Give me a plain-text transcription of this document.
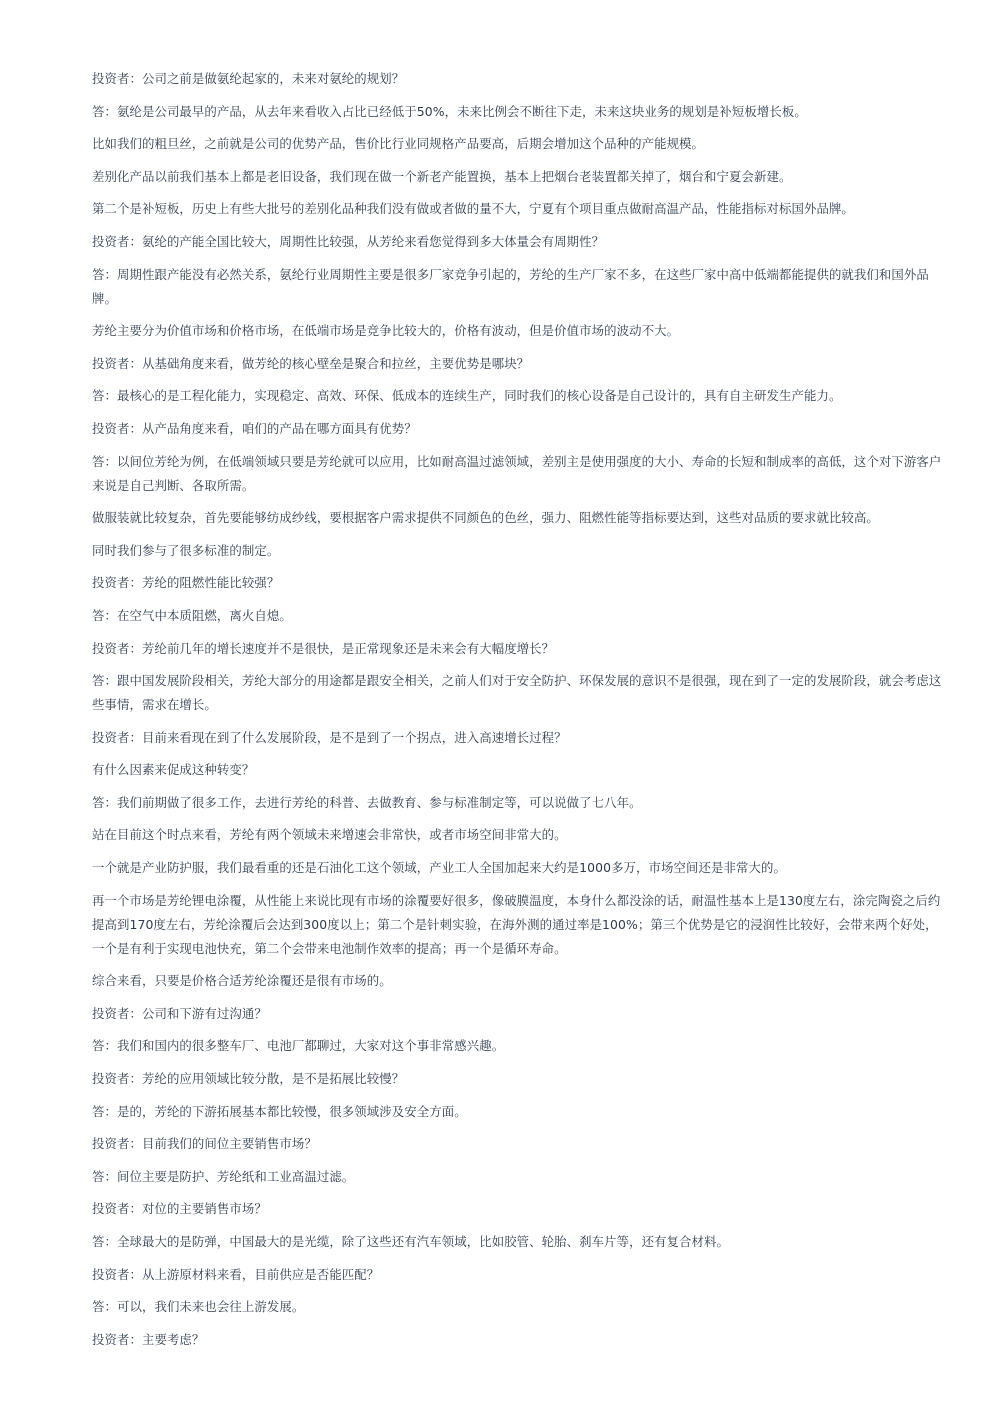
投资者：公司之前是做氨纶起家的，未来对氨纶的规划？

答：氨纶是公司最早的产品，从去年来看收入占比已经低于50%，未来比例会不断往下走，未来这块业务的规划是补短板增长板。

比如我们的粗旦丝，之前就是公司的优势产品，售价比行业同规格产品要高，后期会增加这个品种的产能规模。

差别化产品以前我们基本上都是老旧设备，我们现在做一个新老产能置换，基本上把烟台老装置都关掉了，烟台和宁夏会新建。

第二个是补短板，历史上有些大批号的差别化品种我们没有做或者做的量不大，宁夏有个项目重点做耐高温产品，性能指标对标国外品牌。

投资者：氨纶的产能全国比较大，周期性比较强，从芳纶来看您觉得到多大体量会有周期性？

答：周期性跟产能没有必然关系，氨纶行业周期性主要是很多厂家竞争引起的，芳纶的生产厂家不多，在这些厂家中高中低端都能提供的就我们和国外品牌。

芳纶主要分为价值市场和价格市场，在低端市场是竞争比较大的，价格有波动，但是价值市场的波动不大。

投资者：从基础角度来看，做芳纶的核心壁垒是聚合和拉丝，主要优势是哪块？

答：最核心的是工程化能力，实现稳定、高效、环保、低成本的连续生产，同时我们的核心设备是自己设计的，具有自主研发生产能力。

投资者：从产品角度来看，咱们的产品在哪方面具有优势？

答：以间位芳纶为例，在低端领域只要是芳纶就可以应用，比如耐高温过滤领域，差别主是使用强度的大小、寿命的长短和制成率的高低，这个对下游客户来说是自己判断、各取所需。

做服装就比较复杂，首先要能够纺成纱线，要根据客户需求提供不同颜色的色丝，强力、阻燃性能等指标要达到，这些对品质的要求就比较高。

同时我们参与了很多标准的制定。

投资者：芳纶的阻燃性能比较强？

答：在空气中本质阻燃，离火自熄。

投资者：芳纶前几年的增长速度并不是很快，是正常现象还是未来会有大幅度增长？

答：跟中国发展阶段相关，芳纶大部分的用途都是跟安全相关，之前人们对于安全防护、环保发展的意识不是很强，现在到了一定的发展阶段，就会考虑这些事情，需求在增长。

投资者：目前来看现在到了什么发展阶段，是不是到了一个拐点，进入高速增长过程？

有什么因素来促成这种转变？

答：我们前期做了很多工作，去进行芳纶的科普、去做教育、参与标准制定等，可以说做了七八年。

站在目前这个时点来看，芳纶有两个领域未来增速会非常快，或者市场空间非常大的。

一个就是产业防护服，我们最看重的还是石油化工这个领域，产业工人全国加起来大约是1000多万，市场空间还是非常大的。

再一个市场是芳纶锂电涂覆，从性能上来说比现有市场的涂覆要好很多，像破膜温度，本身什么都没涂的话，耐温性基本上是130度左右，涂完陶瓷之后约提高到170度左右，芳纶涂覆后会达到300度以上；第二个是针刺实验，在海外测的通过率是100%；第三个优势是它的浸润性比较好，会带来两个好处，一个是有利于实现电池快充，第二个会带来电池制作效率的提高；再一个是循环寿命。

综合来看，只要是价格合适芳纶涂覆还是很有市场的。

投资者：公司和下游有过沟通？

答：我们和国内的很多整车厂、电池厂都聊过，大家对这个事非常感兴趣。

投资者：芳纶的应用领域比较分散，是不是拓展比较慢？

答：是的，芳纶的下游拓展基本都比较慢，很多领域涉及安全方面。

投资者：目前我们的间位主要销售市场？

答：间位主要是防护、芳纶纸和工业高温过滤。

投资者：对位的主要销售市场？

答：全球最大的是防弹，中国最大的是光缆，除了这些还有汽车领域，比如胶管、轮胎、刹车片等，还有复合材料。

投资者：从上游原材料来看，目前供应是否能匹配？

答：可以，我们未来也会往上游发展。

投资者：主要考虑？
